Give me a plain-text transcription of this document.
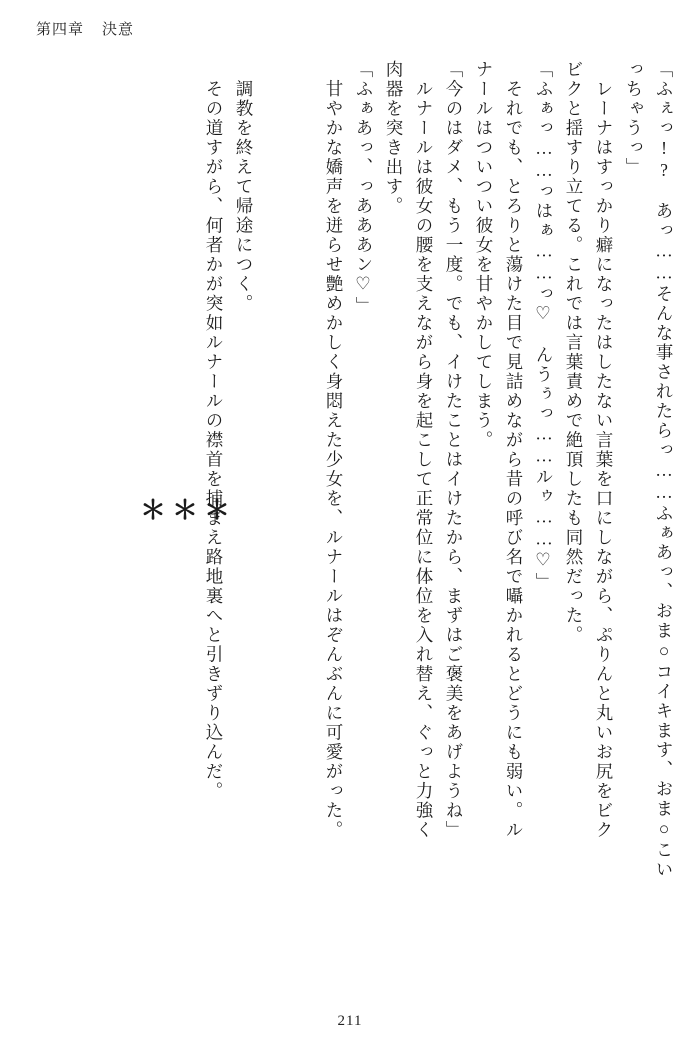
第四章 決意
「ふぇっ!?　あっ……そんな事されたらっ……ふぁあっ、おま○コイキます、おま○こい
っちゃうっ」
　レーナはすっかり癖になったはしたない言葉を口にしながら、ぷりんと丸いお尻をビク
ビクと揺すり立てる。これでは言葉責めで絶頂したも同然だった。
「ふぁっ……っはぁ……っ♡　んうぅっ……ルゥ……♡」
　それでも、とろりと蕩けた目で見詰めながら昔の呼び名で囁かれるとどうにも弱い。ル
ナールはついつい彼女を甘やかしてしまう。
「今のはダメ、もう一度。でも、イけたことはイけたから、まずはご褒美をあげようね」
　ルナールは彼女の腰を支えながら身を起こして正常位に体位を入れ替え、ぐっと力強く
肉器を突き出す。
「ふぁあっ、っあああン♡」
　甘やかな嬌声を迸らせ艶めかしく身悶えた少女を、ルナールはぞんぶんに可愛がった。
　調教を終えて帰途につく。
　その道すがら、何者かが突如ルナールの襟首を捕まえ路地裏へと引きずり込んだ。
＊＊＊
211
